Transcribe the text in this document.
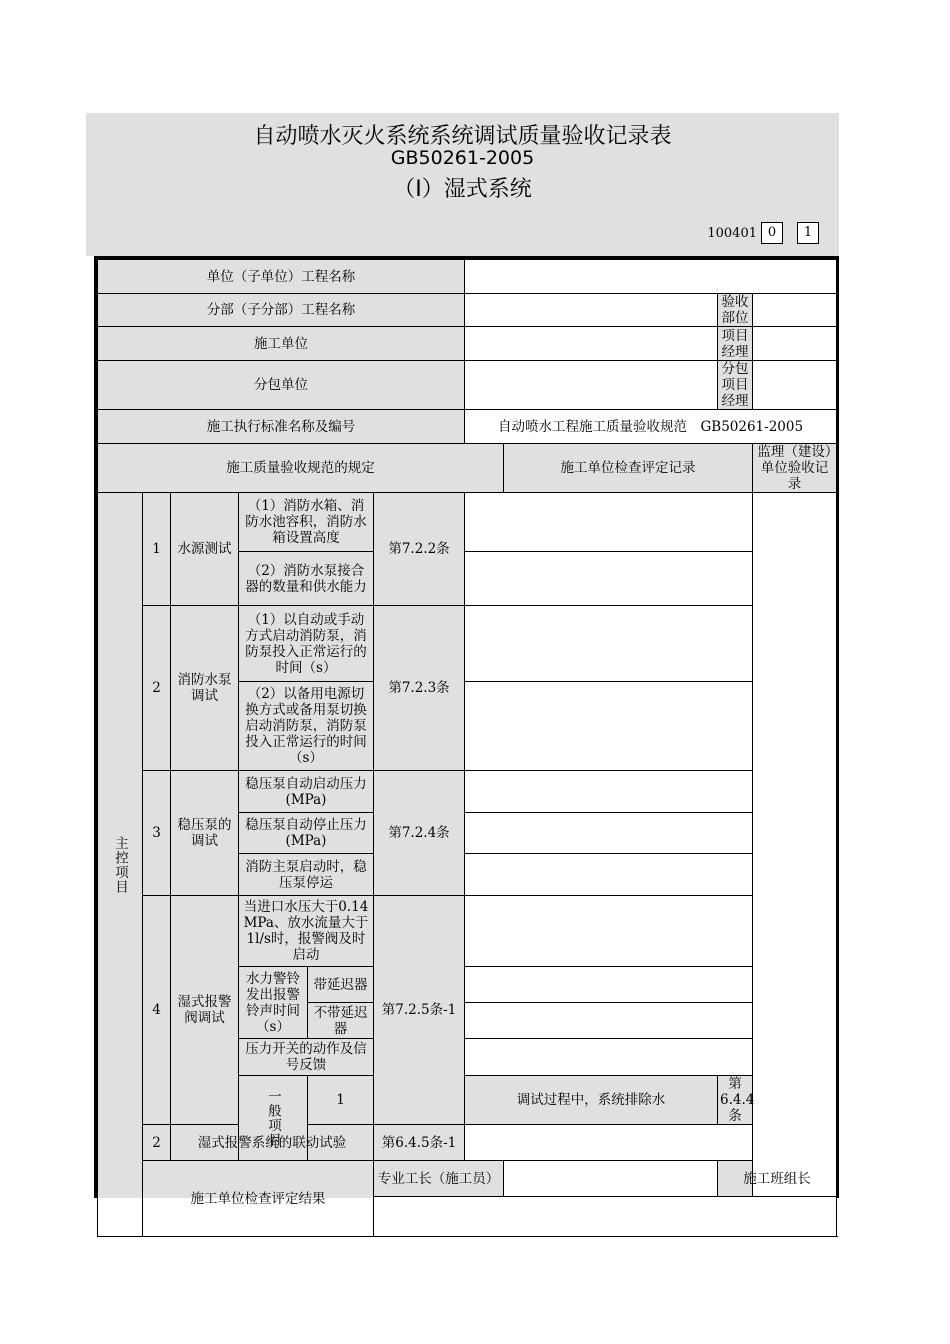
自动喷水灭火系统系统调试质量验收记录表
GB50261-2005
（Ⅰ）湿式系统
100401 0	1
单位（子单位）工程名称										
分部（子分部）工程名称								验收部位		
施工单位								项目经理		
分包单位								分包项目经理		
施工执行标准名称及编号						自动喷水工程施工质量验收规范　GB50261-2005				
施工质量验收规范的规定							施工单位检查评定记录		监理（建设）单位验收记录	
主控项目	1	水源测试	（1）消防水箱、消防水池容积，消防水箱设置高度		第7.2.2条					
			（2）消防水泵接合器的数量和供水能力							
	2	消防水泵调试	（1）以自动或手动方式启动消防泵，消防泵投入正常运行的时间（s）		第7.2.3条					
			（2）以备用电源切换方式或备用泵切换启动消防泵，消防泵投入正常运行的时间（s）							
	3	稳压泵的调试	稳压泵自动启动压力(MPa)		第7.2.4条					
			稳压泵自动停止压力(MPa)							
			消防主泵启动时，稳压泵停运							
	4	湿式报警阀调试	当进口水压大于0.14 MPa、放水流量大于1l/s时，报警阀及时启动		第7.2.5条-1					
			水力警铃发出报警铃声时间（s）	带延迟器						
				不带延迟器						
			压力开关的动作及信号反馈							
			一般项目	1		调试过程中，系统排除水		第6.4.4条		
	2	湿式报警系统的联动试验			第6.4.5条-1					
	施工单位检查评定结果				专业工长（施工员）			施工班组长		
